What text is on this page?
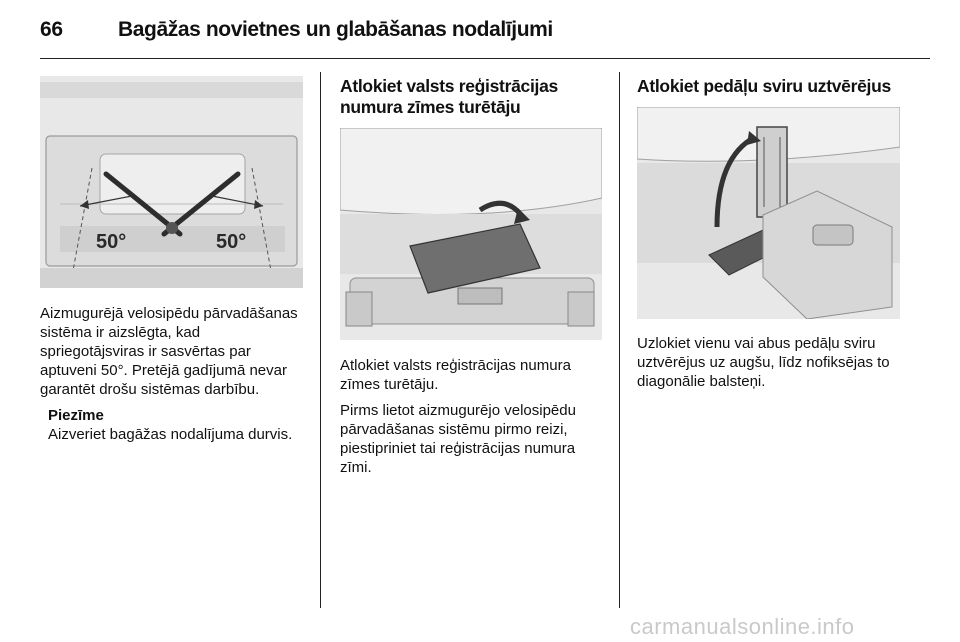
66	Bagāžas novietnes un glabāšanas nodalījumi
50°	50°

Aizmugurējā velosipēdu pārvadāšanas sistēma ir aizslēgta, kad spriegotājsviras ir sasvērtas par aptuveni 50°. Pretējā gadījumā nevar garantēt drošu sistēmas darbību.

Piezīme

Aizveriet bagāžas nodalījuma durvis.

Atlokiet valsts reģistrācijas numura zīmes turētāju

Atlokiet valsts reģistrācijas numura zīmes turētāju.

Pirms lietot aizmugurējo velosipēdu pārvadāšanas sistēmu pirmo reizi, piestipriniet tai reģistrācijas numura zīmi.

Atlokiet pedāļu sviru uztvērējus

Uzlokiet vienu vai abus pedāļu sviru uztvērējus uz augšu, līdz nofiksējas to diagonālie balsteņi.

carmanualsonline.info
